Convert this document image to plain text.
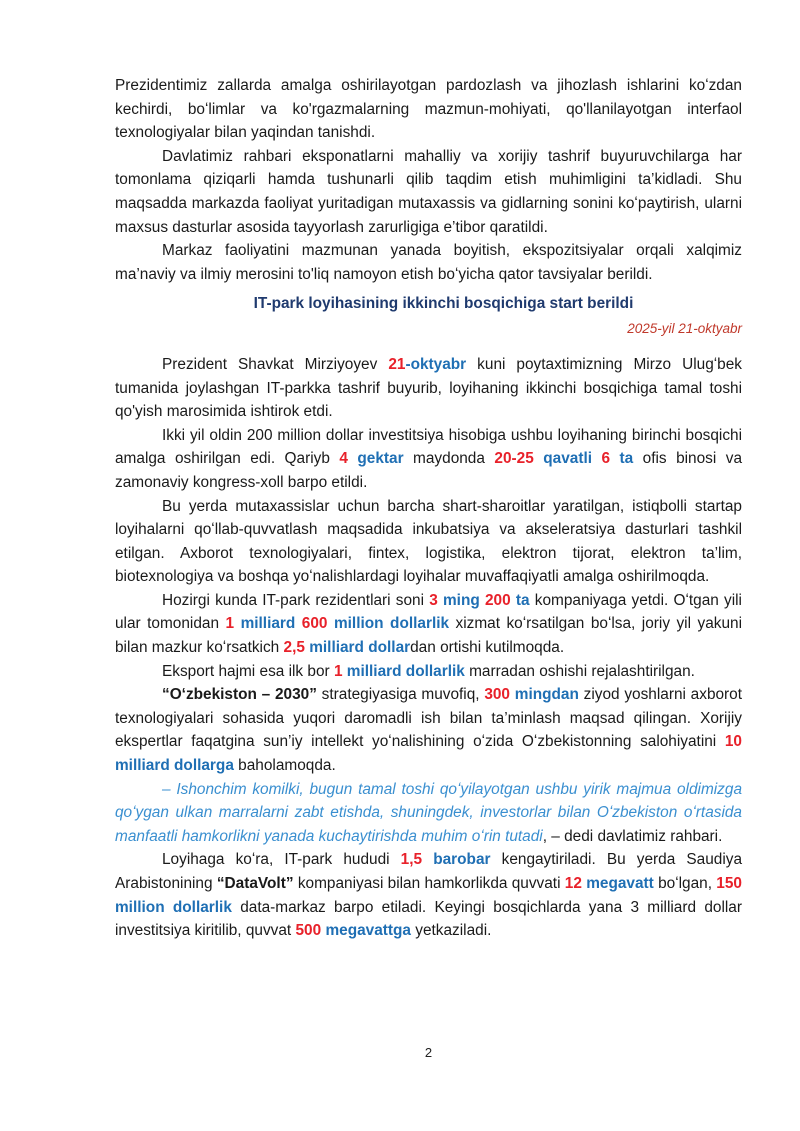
Prezidentimiz zallarda amalga oshirilayotgan pardozlash va jihozlash ishlarini koʻzdan kechirdi, boʻlimlar va ko'rgazmalarning mazmun-mohiyati, qo'llanilayotgan interfaol texnologiyalar bilan yaqindan tanishdi.

Davlatimiz rahbari eksponatlarni mahalliy va xorijiy tashrif buyuruvchilarga har tomonlama qiziqarli hamda tushunarli qilib taqdim etish muhimligini ta’kidladi. Shu maqsadda markazda faoliyat yuritadigan mutaxassis va gidlarning sonini koʻpaytirish, ularni maxsus dasturlar asosida tayyorlash zarurligiga e’tibor qaratildi.

Markaz faoliyatini mazmunan yanada boyitish, ekspozitsiyalar orqali xalqimiz ma’naviy va ilmiy merosini to'liq namoyon etish boʻyicha qator tavsiyalar berildi.

IT-park loyihasining ikkinchi bosqichiga start berildi
2025-yil 21-oktyabr

Prezident Shavkat Mirziyoyev 21-oktyabr kuni poytaxtimizning Mirzo Ulugʻbek tumanida joylashgan IT-parkka tashrif buyurib, loyihaning ikkinchi bosqichiga tamal toshi qo'yish marosimida ishtirok etdi.

Ikki yil oldin 200 million dollar investitsiya hisobiga ushbu loyihaning birinchi bosqichi amalga oshirilgan edi. Qariyb 4 gektar maydonda 20-25 qavatli 6 ta ofis binosi va zamonaviy kongress-xoll barpo etildi.

Bu yerda mutaxassislar uchun barcha shart-sharoitlar yaratilgan, istiqbolli startap loyihalarni qoʻllab-quvvatlash maqsadida inkubatsiya va akseleratsiya dasturlari tashkil etilgan. Axborot texnologiyalari, fintex, logistika, elektron tijorat, elektron ta’lim, biotexnologiya va boshqa yoʻnalishlardagi loyihalar muvaffaqiyatli amalga oshirilmoqda.

Hozirgi kunda IT-park rezidentlari soni 3 ming 200 ta kompaniyaga yetdi. Oʻtgan yili ular tomonidan 1 milliard 600 million dollarlik xizmat koʻrsatilgan boʻlsa, joriy yil yakuni bilan mazkur koʻrsatkich 2,5 milliard dollardan ortishi kutilmoqda.

Eksport hajmi esa ilk bor 1 milliard dollarlik marradan oshishi rejalashtirilgan.

“Oʻzbekiston – 2030” strategiyasiga muvofiq, 300 mingdan ziyod yoshlarni axborot texnologiyalari sohasida yuqori daromadli ish bilan ta’minlash maqsad qilingan. Xorijiy ekspertlar faqatgina sun’iy intellekt yoʻnalishining oʻzida Oʻzbekistonning salohiyatini 10 milliard dollarga baholamoqda.

– Ishonchim komilki, bugun tamal toshi qoʻyilayotgan ushbu yirik majmua oldimizga qoʻygan ulkan marralarni zabt etishda, shuningdek, investorlar bilan Oʻzbekiston oʻrtasida manfaatli hamkorlikni yanada kuchaytirishda muhim oʻrin tutadi, – dedi davlatimiz rahbari.

Loyihaga koʻra, IT-park hududi 1,5 barobar kengaytiriladi. Bu yerda Saudiya Arabistonining “DataVolt” kompaniyasi bilan hamkorlikda quvvati 12 megavatt boʻlgan, 150 million dollarlik data-markaz barpo etiladi. Keyingi bosqichlarda yana 3 milliard dollar investitsiya kiritilib, quvvat 500 megavattga yetkaziladi.

2
